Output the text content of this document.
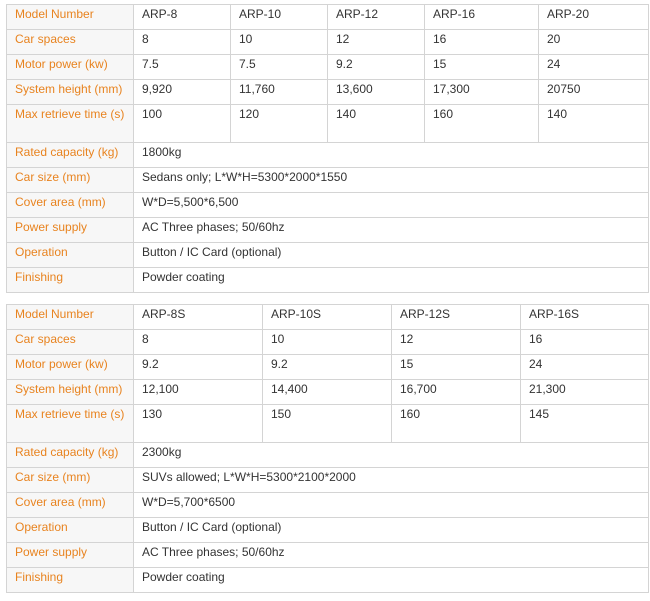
Model Number	ARP-8	ARP-10	ARP-12	ARP-16	ARP-20
Car spaces	8	10	12	16	20
Motor power (kw)	7.5	7.5	9.2	15	24
System height (mm)	9,920	11,760	13,600	17,300	20750
Max retrieve time (s)	100	120	140	160	140
Rated capacity (kg)	1800kg				
Car size (mm)	Sedans only; L*W*H=5300*2000*1550				
Cover area (mm)	W*D=5,500*6,500				
Power supply	AC Three phases; 50/60hz				
Operation	Button / IC Card (optional)				
Finishing	Powder coating				
Model Number	ARP-8S	ARP-10S	ARP-12S	ARP-16S
Car spaces	8	10	12	16
Motor power (kw)	9.2	9.2	15	24
System height (mm)	12,100	14,400	16,700	21,300
Max retrieve time (s)	130	150	160	145
Rated capacity (kg)	2300kg			
Car size (mm)	SUVs allowed; L*W*H=5300*2100*2000			
Cover area (mm)	W*D=5,700*6500			
Operation	Button / IC Card (optional)			
Power supply	AC Three phases; 50/60hz			
Finishing	Powder coating			
